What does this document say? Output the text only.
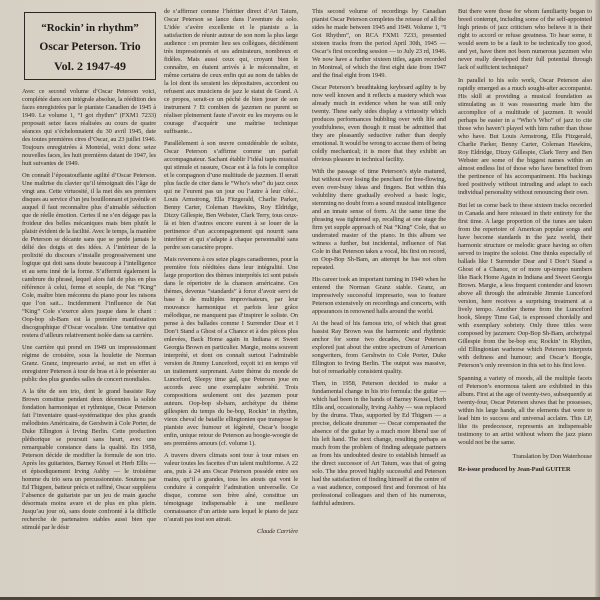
“Rockin’ in rhythm”
Oscar Peterson. Trio
Vol. 2 1947-49

Avec ce second volume d’Oscar Peterson voici, complétée dans son intégrale absolue, la réédition des faces enregistrées par le pianiste Canadien de 1945 à 1949. Le volume 1, “I got rhythm” (FXM1 7233) proposait seize faces réalisées au cours de quatre séances qui s’échelonnaient du 30 avril 1945, date des toutes premières cires d’Oscar, au 23 juillet 1946. Toujours enregistrées à Montréal, voici donc seize nouvelles faces, les huit premières datant de 1947, les huit suivantes de 1949.

On connaît l’époustouflante agilité d’Oscar Peterson. Une maîtrise du clavier qu’il témoignait dès l’âge de vingt ans. Cette virtuosité, il la met dès ses premiers disques au service d’un jeu bouillonnant et juvénile et auquel il faut reconnaître plus d’aimable séduction que de réelle émotion. Certes il ne s’en dégage pas la froideur des belles mécaniques mais bien plutôt le plaisir évident de la facilité. Avec le temps, la manière de Peterson se décante sans que se perde jamais le délié des doigts et des idées. A l’intérieur de la prolixité du discours s’installe progressivement une logique qui doit sans doute beaucoup à l’intelligence et au sens inné de la forme. S’affermit également la cambrure du phrasé, lequel alors fait de plus en plus référence à celui, ferme et souple, de Nat “King” Cole, maître bien méconnu du piano pour les raisons que l’on sait... Incidemment l’influence de Nat “King” Cole s’exerce alors jusque dans le chant : Oop-bop sh-Bam est la première manifestation discographique d’Oscar vocaliste. Une tentative qui restera d’ailleurs relativement isolée dans sa carrière.

Une carrière qui prend en 1949 un impressionnant régime de croisière, sous la houlette de Norman Granz. Granz, impresario avisé, se met en effet à enregistrer Peterson à tour de bras et à le présenter au public des plus grandes salles de concert mondiales.

A la tête de son trio, dont le grand bassiste Ray Brown constitue pendant deux décennies la solide fondation harmonique et rythmique, Oscar Peterson fait l’inventaire quasi-systématique des plus grands mélodistes Américains, de Gershwin à Cole Porter, de Duke Ellington à Irving Berlin. Cette production pléthorique se poursuit sans heurt, avec une remarquable constance dans la qualité. En 1958, Peterson décide de modifier la formule de son trio. Après les guitaristes, Barney Kessel et Herb Ellis — et épisodiquement Irving Ashby — le troisième homme du trio sera un percussionniste. Soutenu par Ed Thigpen, batteur précis et raffiné, Oscar suppléera l’absence de guitariste par un jeu de main gauche désormais moins avare et de plus en plus plein. Jusqu’au jour où, sans doute confronté à la difficile recherche de partenaires stables aussi bien que stimulé par le désir

de s’affirmer comme l’héritier direct d’Art Tatum, Oscar Peterson se lance dans l’aventure du solo. L’idée s’avère excellente et le pianiste a la satisfaction de réunir autour de son nom la plus large audience : en premier lieu ses collègues, décidément très impressionnés et ses admirateurs, nombreux et fidèles. Mais aussi ceux qui, croyant bien le connaître, en étaient arrivés à le méconnaître, et même certains de ceux enfin qui au nom de tables de la loi dont ils seraient les dépositaires, accordent ou refusent aux musiciens de jazz le statut de Grand. A ce propos, serait-ce un péché de bien jouer de son instrument ? Et combien de jazzmen ne purent se réaliser pleinement faute d’avoir eu les moyens ou le courage d’acquérir une maîtrise technique suffisante...

Parallèlement à son œuvre considérable de soliste, Oscar Peterson s’affirme comme un parfait accompagnateur. Sachant établir l’idéal tapis musical qui stimule et rassure, Oscar est à la fois le complice et le compagnon d’une multitude de jazzmen. Il serait plus facile de citer dans le “Who’s who” du jazz ceux qui ne l’eurent pas un jour ou l’autre à leur côté... Louis Armstrong, Ella Fitzgerald, Charlie Parker, Benny Carter, Coleman Hawkins, Roy Eldridge, Dizzy Gillespie, Ben Webster, Clark Terry, tous ceux-là et bien d’autres encore eurent à se louer de la pertinence d’un accompagnement qui nourrit sans interférer et qui s’adapte à chaque personnalité sans perdre son caractère propre.

Mais revenons à ces seize plages canadiennes, pour la première fois rééditées dans leur intégralité. Une large proportion des thèmes interprétés ici sont puisés dans le répertoire de la chanson américaine. Ces thèmes, devenus “standards” à force d’avoir servi de base à de multiples improvisateurs, par leur mouvance harmonique et parfois leur grâce mélodique, ne manquent pas d’inspirer le soliste. On pense à des ballades comme I Surrender Dear et I Don’t Stand a Ghost of a Chance et à des pièces plus enlevées, Back Home again in Indiana et Sweet Georgia Brown en particulier. Margie, moins souvent interprété, et dont on connaît surtout l’admirable version de Jimmy Lunceford, reçoit ici en tempo vif un traitement surprenant. Autre thème du monde de Lunceford, Sleepy time gal, que Peterson joue en accords avec une exemplaire sobriété. Trois compositions seulement ont des jazzmen pour auteurs. Oop-bop sh-bam, archétype du thème gillespien du temps du be-bop, Rockin’ in rhythm, vieux cheval de bataille ellingtonien que transpose le pianiste avec humour et légèreté, Oscar’s boogie enfin, unique retour de Peterson au boogie-woogie de ses premières amours (cf. volume 1).

A travers divers climats sont tour à tour mises en valeur toutes les facettes d’un talent multiforme. A 22 ans, puis à 24 ans Oscar Peterson possède entre ses mains, qu’il a grandes, tous les atouts qui vont le conduire à conquérir l’admiration universelle. Ce disque, comme son frère aîné, constitue un témoignage indispensable à une meilleure connaissance d’un artiste sans lequel le piano de jazz n’aurait pas tout son attrait.

Claude Carrière

This second volume of recordings by Canadian pianist Oscar Peterson completes the reissue of all the sides he made between 1945 and 1949. Volume 1, “I Got Rhythm”, on RCA FXM1 7233, presented sixteen tracks from the period April 30th, 1945 — Oscar’s first recording session — to July 23 rd, 1946. We now have a further sixteen titles, again recorded in Montreal, of which the first eight date from 1947 and the final eight from 1949.

Oscar Peterson’s breathtaking keyboard agility is by now well known and it reflects a mastery which was already much in evidence when he was still only twenty. These early sides display a virtuosity which produces performances bubbling over with life and youthfulness, even though it must be admitted that they are pleasantly seductive rather than deeply emotional. It would be wrong to accuse them of being coldly mechanical; it is more that they exhibit an obvious pleasure in technical facility.

With the passage of time Peterson’s style matured, but without ever losing the penchant for free-flowing, even over-busy ideas and fingers. But within this volubility there gradually evolved a basic logic, stemming no doubt from a sound musical intelligence and an innate sense of form. At the same time the phrasing was tightened up, recalling at one stage the firm yet supple approach of Nat “King” Cole, that so underrated master of the piano. In this album we witness a further, but incidental, influence of Nat Cole in that Peterson takes a vocal, his first on record, on Oop-Bop Sh-Bam, an attempt he has not often repeated.

His career took an important turning in 1949 when he entered the Norman Granz stable. Granz, an impressively successful impresario, was to feature Peterson extensively on recordings and concerts, with appearances in renowned halls around the world.

At the head of his famous trio, of which that great bassist Ray Brown was the harmonic and rhythmic anchor for some two decades, Oscar Peterson explored just about the entire spectrum of American songwriters, from Gershwin to Cole Porter, Duke Ellington to Irving Berlin. The output was massive, but of remarkably consistent quality.

Then, in 1958, Peterson decided to make a fundamental change in his trio formula: the guitar — which had been in the hands of Barney Kessel, Herb Ellis and, occasionally, Irving Ashby — was replaced by the drums. Thus, supported by Ed Thigpen — a precise, delicate drummer — Oscar compensated the absence of the guitar by a much more liberal use of his left hand. The next change, resulting perhaps as much from the problem of finding adequate partners as from his undoubted desire to establish himself as the direct successor of Art Tatum, was that of going solo. The idea proved highly successful and Peterson had the satisfaction of finding himself at the centre of a vast audience, composed first and foremost of his professional colleagues and then of his numerous, faithful admirers.

But there were those for whom familiarity began to breed contempt, including some of the self-appointed high priests of jazz criticism who believe it is their right to accord or refuse greatness. To hear some, it would seem to be a fault to be technically too good, and yet, have there not been numerous jazzmen who never really developed their full potential through lack of sufficient technique?

In parallel to his solo work, Oscar Peterson also rapidly emerged as a much sought-after accompanist. His skill at providing a musical foundation as stimulating as it was reassuring made him the accomplice of a multitude of jazzmen. It would perhaps be easier in a “Who’s Who” of jazz to cite those who haven’t played with him rather than those who have. But Louis Armstrong, Ella Fitzgerald, Charlie Parker, Benny Carter, Coleman Hawkins, Roy Eldridge, Dizzy Gillespie, Clark Terry and Ben Webster are some of the biggest names within an almost endless list of those who have benefited from the pertinence of his accompaniment. His backings feed positively without intruding and adapt to each individual personality without renouncing their own.

But let us come back to these sixteen tracks recorded in Canada and here reissued in their entirety for the first time. A large proportion of the tunes are taken from the repertoire of American popular songs and have become standards in the jazz world, their harmonic structure or melodic grace having so often served to inspire the soloist. One thinks especially of ballads like I Surrender Dear and I Don’t Stand a Ghost of a Chance, or of more up-tempo numbers like Back Home Again in Indiana and Sweet Georgia Brown. Margie, a less frequent contender and known above all through the admirable Jimmie Lunceford version, here receives a surprising treatment at a lively tempo. Another theme from the Lunceford book, Sleepy Time Gal, is expressed chordally and with exemplary sobriety. Only three titles were composed by jazzmen: Oop-Bop Sh-Bam, archetypal Gillespie from the be-bop era; Rockin’ in Rhythm, old Ellingtonian warhorse which Peterson interprets with deftness and humour; and Oscar’s Boogie, Peterson’s only reversion in this set to his first love.

Spanning a variety of moods, all the multiple facets of Peterson’s enormous talent are exhibited in this album. First at the age of twenty-two, subsequently at twenty-four, Oscar Peterson shows that he possesses, within his large hands, all the elements that were to lead him to success and universal acclaim. This LP, like its predecessor, represents an indispensable testimony to an artist without whom the jazz piano would not be the same.

Translation by Don Waterhouse
Re-issue produced by Jean-Paul GUITER
